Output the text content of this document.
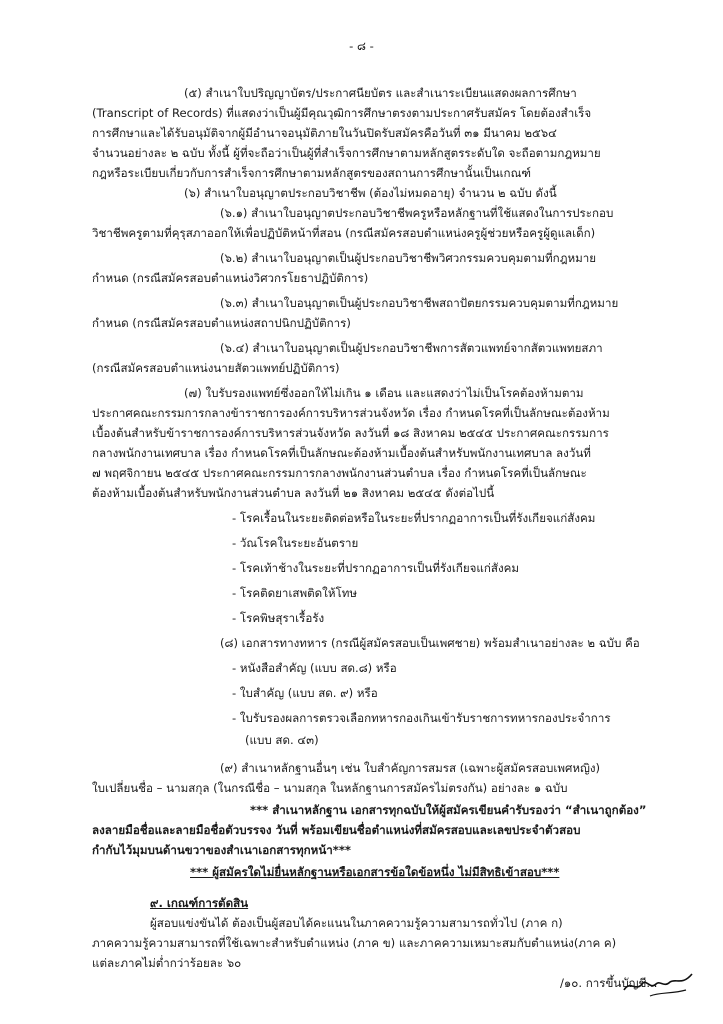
- ๘ -
(๕) สำเนาใบปริญญาบัตร/ประกาศนียบัตร และสำเนาระเบียนแสดงผลการศึกษา
(Transcript of Records) ที่แสดงว่าเป็นผู้มีคุณวุฒิการศึกษาตรงตามประกาศรับสมัคร โดยต้องสำเร็จ
การศึกษาและได้รับอนุมัติจากผู้มีอำนาจอนุมัติภายในวันปิดรับสมัครคือวันที่ ๓๑ มีนาคม ๒๕๖๔
จำนวนอย่างละ ๒ ฉบับ ทั้งนี้ ผู้ที่จะถือว่าเป็นผู้ที่สำเร็จการศึกษาตามหลักสูตรระดับใด จะถือตามกฎหมาย
กฎหรือระเบียบเกี่ยวกับการสำเร็จการศึกษาตามหลักสูตรของสถานการศึกษานั้นเป็นเกณฑ์
(๖) สำเนาใบอนุญาตประกอบวิชาชีพ (ต้องไม่หมดอายุ) จำนวน ๒ ฉบับ ดังนี้
(๖.๑) สำเนาใบอนุญาตประกอบวิชาชีพครูหรือหลักฐานที่ใช้แสดงในการประกอบ
วิชาชีพครูตามที่คุรุสภาออกให้เพื่อปฏิบัติหน้าที่สอน (กรณีสมัครสอบตำแหน่งครูผู้ช่วยหรือครูผู้ดูแลเด็ก)
(๖.๒) สำเนาใบอนุญาตเป็นผู้ประกอบวิชาชีพวิศวกรรมควบคุมตามที่กฎหมาย
กำหนด (กรณีสมัครสอบตำแหน่งวิศวกรโยธาปฏิบัติการ)
(๖.๓) สำเนาใบอนุญาตเป็นผู้ประกอบวิชาชีพสถาปัตยกรรมควบคุมตามที่กฎหมาย
กำหนด (กรณีสมัครสอบตำแหน่งสถาปนิกปฏิบัติการ)
(๖.๔) สำเนาใบอนุญาตเป็นผู้ประกอบวิชาชีพการสัตวแพทย์จากสัตวแพทยสภา
(กรณีสมัครสอบตำแหน่งนายสัตวแพทย์ปฏิบัติการ)
(๗) ใบรับรองแพทย์ซึ่งออกให้ไม่เกิน ๑ เดือน และแสดงว่าไม่เป็นโรคต้องห้ามตาม
ประกาศคณะกรรมการกลางข้าราชการองค์การบริหารส่วนจังหวัด เรื่อง กำหนดโรคที่เป็นลักษณะต้องห้าม
เบื้องต้นสำหรับข้าราชการองค์การบริหารส่วนจังหวัด ลงวันที่ ๑๘ สิงหาคม ๒๕๔๕ ประกาศคณะกรรมการ
กลางพนักงานเทศบาล เรื่อง กำหนดโรคที่เป็นลักษณะต้องห้ามเบื้องต้นสำหรับพนักงานเทศบาล ลงวันที่
๗ พฤศจิกายน ๒๕๔๕ ประกาศคณะกรรมการกลางพนักงานส่วนตำบล เรื่อง กำหนดโรคที่เป็นลักษณะ
ต้องห้ามเบื้องต้นสำหรับพนักงานส่วนตำบล ลงวันที่ ๒๑ สิงหาคม ๒๕๔๕ ดังต่อไปนี้
- โรคเรื้อนในระยะติดต่อหรือในระยะที่ปรากฏอาการเป็นที่รังเกียจแก่สังคม
- วัณโรคในระยะอันตราย
- โรคเท้าช้างในระยะที่ปรากฏอาการเป็นที่รังเกียจแก่สังคม
- โรคติดยาเสพติดให้โทษ
- โรคพิษสุราเรื้อรัง
(๘) เอกสารทางทหาร (กรณีผู้สมัครสอบเป็นเพศชาย) พร้อมสำเนาอย่างละ ๒ ฉบับ คือ
- หนังสือสำคัญ (แบบ สด.๘) หรือ
- ใบสำคัญ (แบบ สด. ๙) หรือ
- ใบรับรองผลการตรวจเลือกทหารกองเกินเข้ารับราชการทหารกองประจำการ
(แบบ สด. ๔๓)
(๙) สำเนาหลักฐานอื่นๆ เช่น ใบสำคัญการสมรส (เฉพาะผู้สมัครสอบเพศหญิง)
ใบเปลี่ยนชื่อ – นามสกุล (ในกรณีชื่อ – นามสกุล ในหลักฐานการสมัครไม่ตรงกัน) อย่างละ ๑ ฉบับ
*** สำเนาหลักฐาน เอกสารทุกฉบับให้ผู้สมัครเขียนคำรับรองว่า “สำเนาถูกต้อง”
ลงลายมือชื่อและลายมือชื่อตัวบรรจง วันที่ พร้อมเขียนชื่อตำแหน่งที่สมัครสอบและเลขประจำตัวสอบ
กำกับไว้มุมบนด้านขวาของสำเนาเอกสารทุกหน้า***
*** ผู้สมัครใดไม่ยื่นหลักฐานหรือเอกสารข้อใดข้อหนึ่ง ไม่มีสิทธิเข้าสอบ***
๙. เกณฑ์การตัดสิน
ผู้สอบแข่งขันได้ ต้องเป็นผู้สอบได้คะแนนในภาคความรู้ความสามารถทั่วไป (ภาค ก)
ภาคความรู้ความสามารถที่ใช้เฉพาะสำหรับตำแหน่ง (ภาค ข) และภาคความเหมาะสมกับตำแหน่ง(ภาค ค)
แต่ละภาคไม่ต่ำกว่าร้อยละ ๖๐
/๑๐. การขึ้นบัญชี...
